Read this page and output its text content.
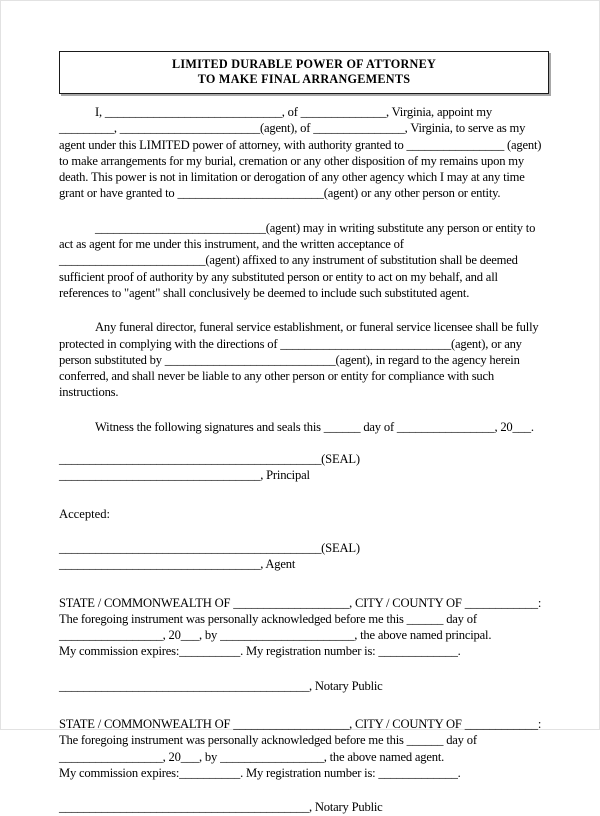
LIMITED DURABLE POWER OF ATTORNEY
TO MAKE FINAL ARRANGEMENTS

I, _____________________________, of ______________, Virginia, appoint my _________, _______________________(agent), of _______________, Virginia, to serve as my agent under this LIMITED power of attorney, with authority granted to ________________ (agent) to make arrangements for my burial, cremation or any other disposition of my remains upon my death. This power is not in limitation or derogation of any other agency which I may at any time grant or have granted to ________________________(agent) or any other person or entity.

____________________________(agent) may in writing substitute any person or entity to act as agent for me under this instrument, and the written acceptance of ________________________(agent) affixed to any instrument of substitution shall be deemed sufficient proof of authority by any substituted person or entity to act on my behalf, and all references to "agent" shall conclusively be deemed to include such substituted agent.

Any funeral director, funeral service establishment, or funeral service licensee shall be fully protected in complying with the directions of ____________________________(agent), or any person substituted by ____________________________(agent), in regard to the agency herein conferred, and shall never be liable to any other person or entity for compliance with such instructions.

Witness the following signatures and seals this ______ day of ________________, 20___.

___________________________________________(SEAL)
_________________________________, Principal
Accepted:
___________________________________________(SEAL)
_________________________________, Agent
STATE / COMMONWEALTH OF ___________________, CITY / COUNTY OF ____________:
The foregoing instrument was personally acknowledged before me this ______ day of
_________________, 20___, by ______________________, the above named principal.
My commission expires:__________. My registration number is: _____________.
_________________________________________, Notary Public
STATE / COMMONWEALTH OF ___________________, CITY / COUNTY OF ____________:
The foregoing instrument was personally acknowledged before me this ______ day of
_________________, 20___, by _________________, the above named agent.
My commission expires:__________. My registration number is: _____________.
_________________________________________, Notary Public
